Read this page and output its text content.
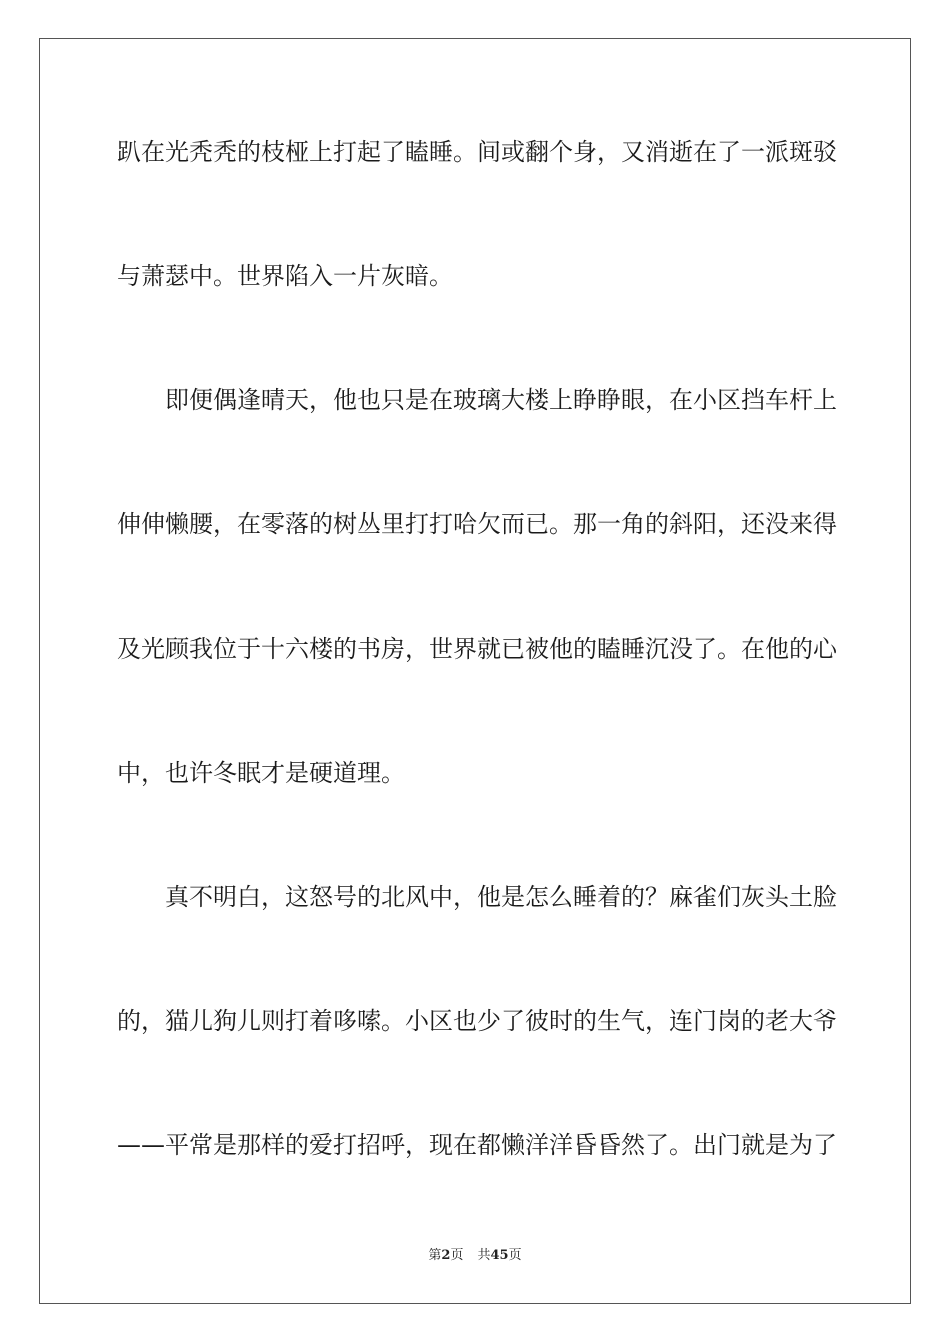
趴在光秃秃的枝桠上打起了瞌睡。间或翻个身，又消逝在了一派斑驳
与萧瑟中。世界陷入一片灰暗。
即便偶逢晴天，他也只是在玻璃大楼上睁睁眼，在小区挡车杆上
伸伸懒腰，在零落的树丛里打打哈欠而已。那一角的斜阳，还没来得
及光顾我位于十六楼的书房，世界就已被他的瞌睡沉没了。在他的心
中，也许冬眠才是硬道理。
真不明白，这怒号的北风中，他是怎么睡着的？麻雀们灰头土脸
的，猫儿狗儿则打着哆嗦。小区也少了彼时的生气，连门岗的老大爷
——平常是那样的爱打招呼，现在都懒洋洋昏昏然了。出门就是为了
第2页 共45页
